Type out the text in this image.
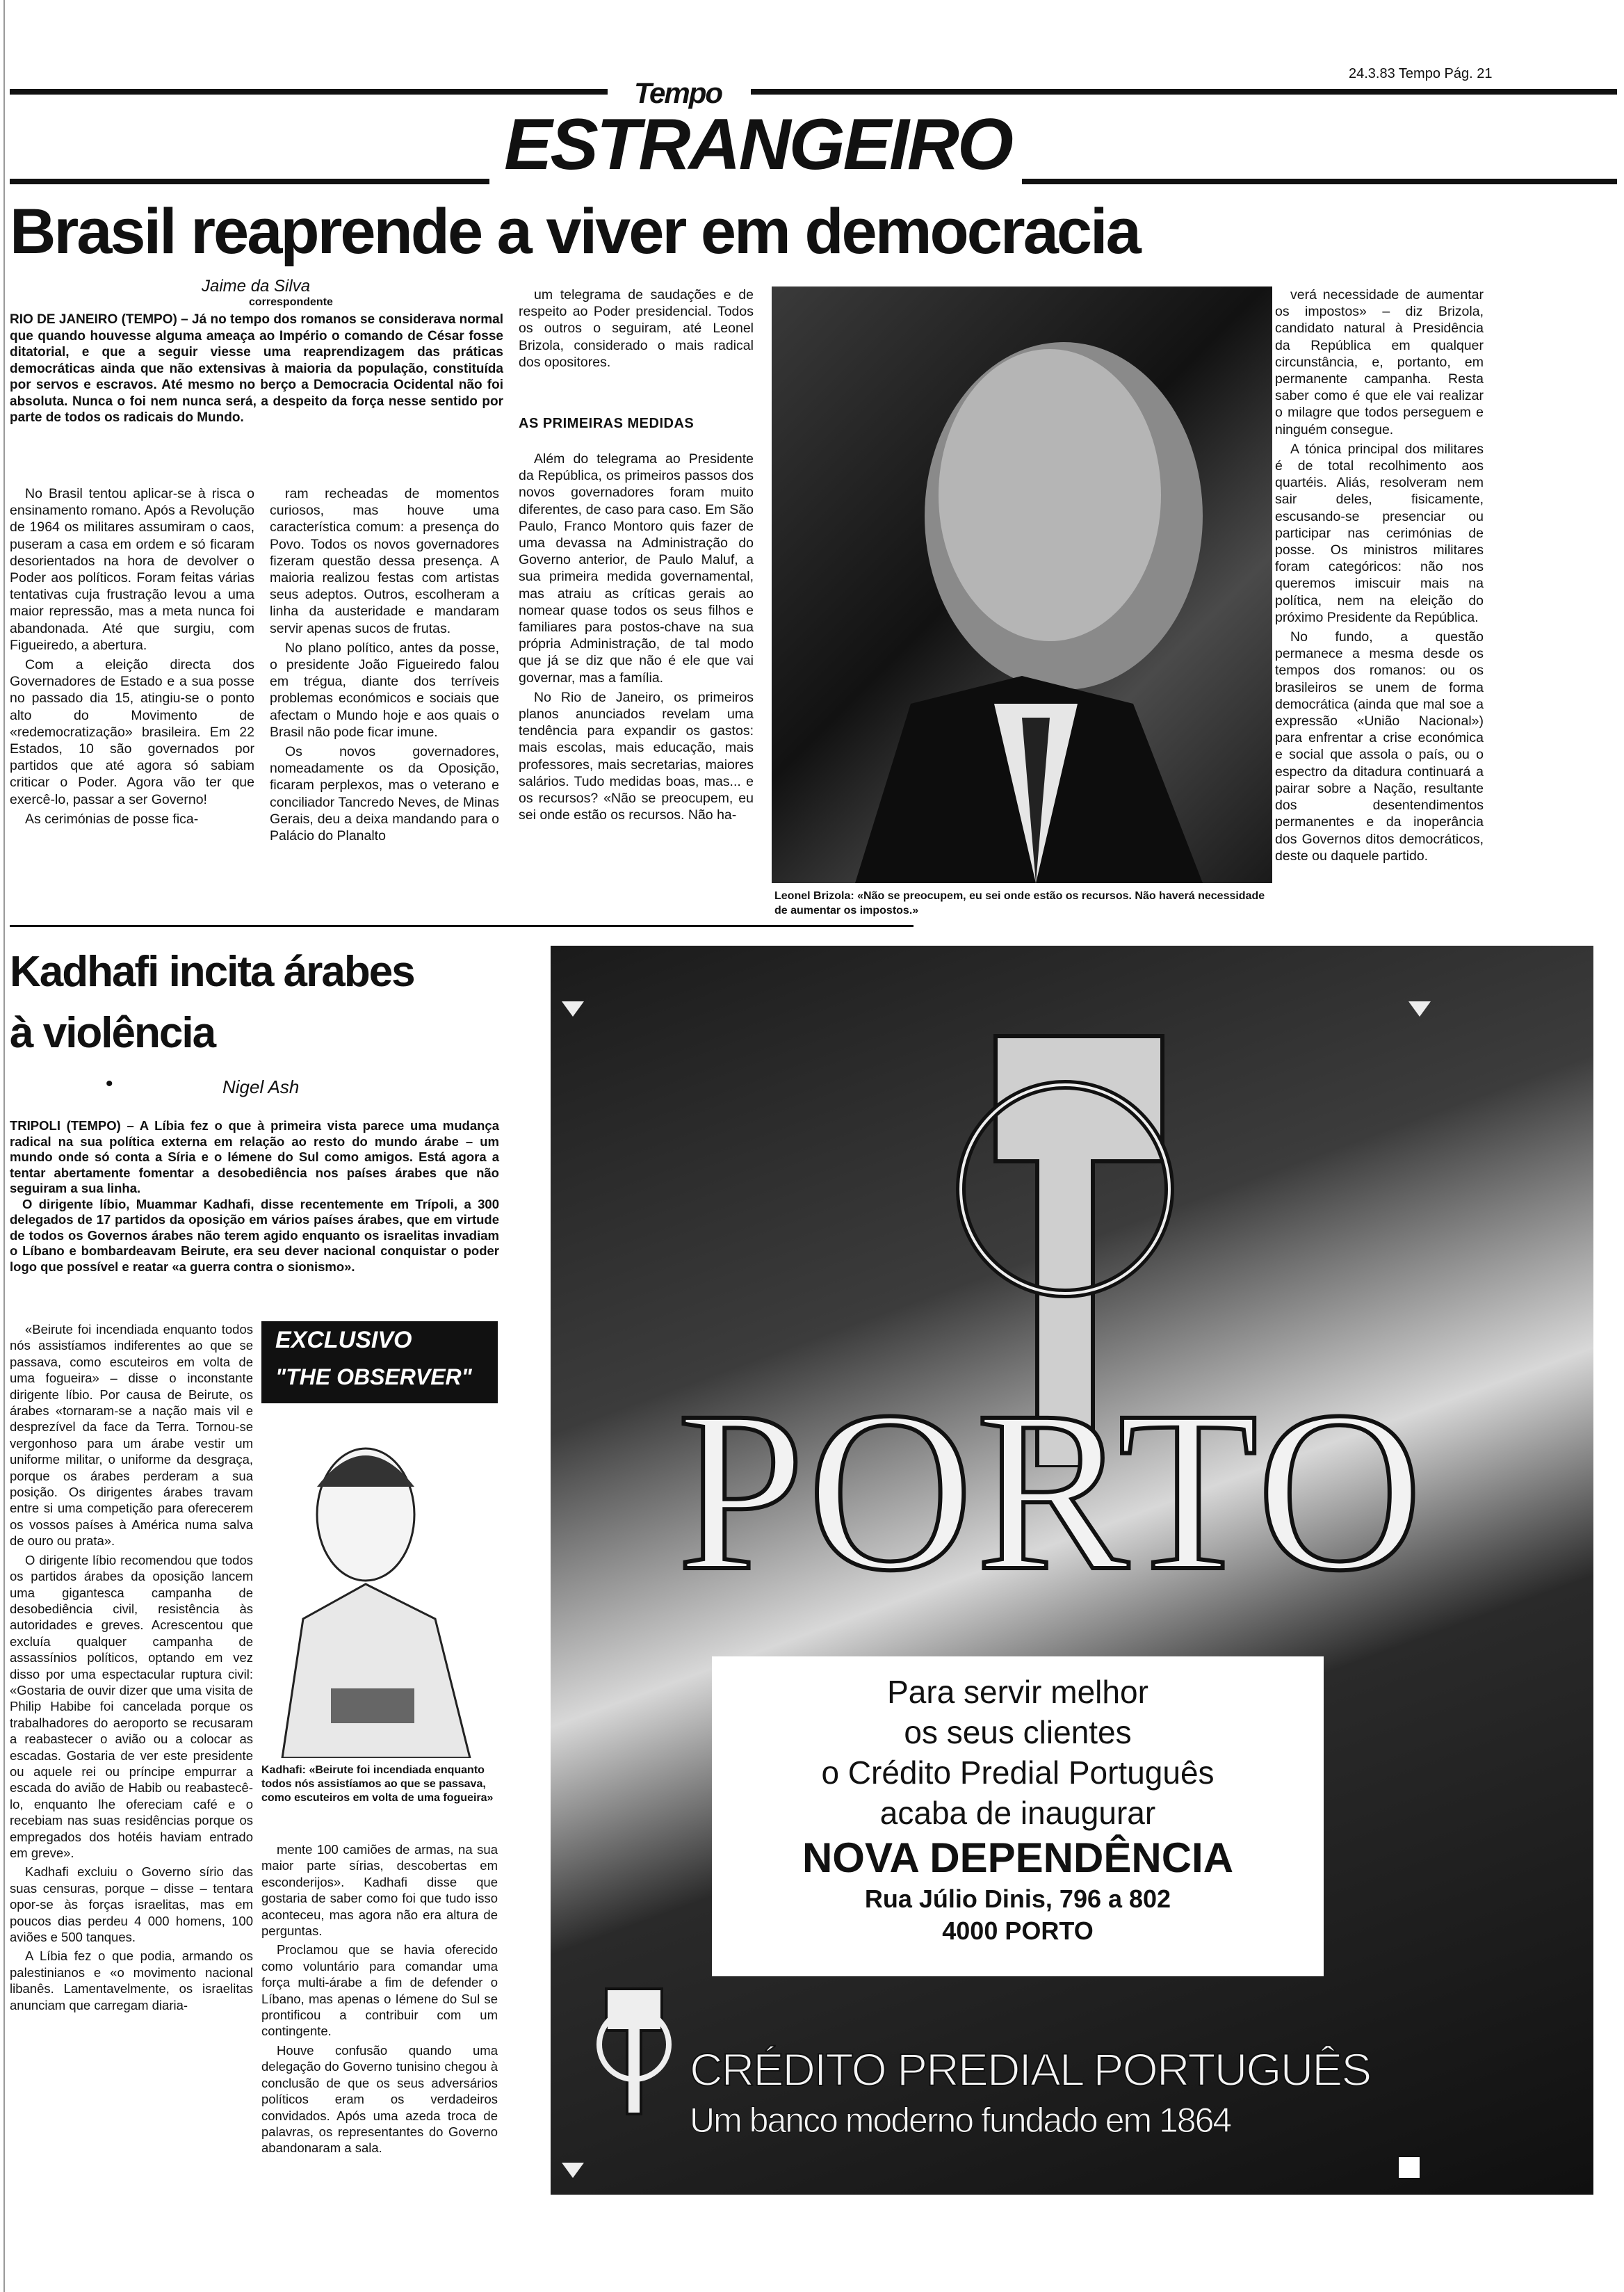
24.3.83 Tempo Pág. 21
Tempo
ESTRANGEIRO
Brasil reaprende a viver em democracia
Jaime da Silva
correspondente

RIO DE JANEIRO (TEMPO) – Já no tempo dos romanos se considerava normal que quando houvesse alguma ameaça ao Império o comando de César fosse ditatorial, e que a seguir viesse uma reaprendizagem das práticas democráticas ainda que não extensivas à maioria da população, constituída por servos e escravos. Até mesmo no berço a Democracia Ocidental não foi absoluta. Nunca o foi nem nunca será, a despeito da força nesse sentido por parte de todos os radicais do Mundo.

No Brasil tentou aplicar-se à risca o ensinamento romano. Após a Revolução de 1964 os militares assumiram o caos, puseram a casa em ordem e só ficaram desorientados na hora de devolver o Poder aos políticos. Foram feitas várias tentativas cuja frustração levou a uma maior repressão, mas a meta nunca foi abandonada. Até que surgiu, com Figueiredo, a abertura.

Com a eleição directa dos Governadores de Estado e a sua posse no passado dia 15, atingiu-se o ponto alto do Movimento de «redemocratização» brasileira. Em 22 Estados, 10 são governados por partidos que até agora só sabiam criticar o Poder. Agora vão ter que exercê-lo, passar a ser Governo!

As cerimónias de posse fica-

ram recheadas de momentos curiosos, mas houve uma característica comum: a presença do Povo. Todos os novos governadores fizeram questão dessa presença. A maioria realizou festas com artistas seus adeptos. Outros, escolheram a linha da austeridade e mandaram servir apenas sucos de frutas.

No plano político, antes da posse, o presidente João Figueiredo falou em trégua, diante dos terríveis problemas económicos e sociais que afectam o Mundo hoje e aos quais o Brasil não pode ficar imune.

Os novos governadores, nomeadamente os da Oposição, ficaram perplexos, mas o veterano e conciliador Tancredo Neves, de Minas Gerais, deu a deixa mandando para o Palácio do Planalto

um telegrama de saudações e de respeito ao Poder presidencial. Todos os outros o seguiram, até Leonel Brizola, considerado o mais radical dos opositores.

AS PRIMEIRAS MEDIDAS

Além do telegrama ao Presidente da República, os primeiros passos dos novos governadores foram muito diferentes, de caso para caso. Em São Paulo, Franco Montoro quis fazer de uma devassa na Administração do Governo anterior, de Paulo Maluf, a sua primeira medida governamental, mas atraiu as críticas gerais ao nomear quase todos os seus filhos e familiares para postos-chave na sua própria Administração, de tal modo que já se diz que não é ele que vai governar, mas a família.

No Rio de Janeiro, os primeiros planos anunciados revelam uma tendência para expandir os gastos: mais escolas, mais educação, mais professores, mais secretarias, maiores salários. Tudo medidas boas, mas... e os recursos? «Não se preocupem, eu sei onde estão os recursos. Não ha-

Leonel Brizola: «Não se preocupem, eu sei onde estão os recursos. Não haverá necessidade de aumentar os impostos.»

verá necessidade de aumentar os impostos» – diz Brizola, candidato natural à Presidência da República em qualquer circunstância, e, portanto, em permanente campanha. Resta saber como é que ele vai realizar o milagre que todos perseguem e ninguém consegue.

A tónica principal dos militares é de total recolhimento aos quartéis. Aliás, resolveram nem sair deles, fisicamente, escusando-se presenciar ou participar nas cerimónias de posse. Os ministros militares foram categóricos: não nos queremos imiscuir mais na política, nem na eleição do próximo Presidente da República.

No fundo, a questão permanece a mesma desde os tempos dos romanos: ou os brasileiros se unem de forma democrática (ainda que mal soe a expressão «União Nacional») para enfrentar a crise económica e social que assola o país, ou o espectro da ditadura continuará a pairar sobre a Nação, resultante dos desentendimentos permanentes e da inoperância dos Governos ditos democráticos, deste ou daquele partido.

Kadhafi incita árabes
à violência
•	Nigel Ash

TRIPOLI (TEMPO) – A Líbia fez o que à primeira vista parece uma mudança radical na sua política externa em relação ao resto do mundo árabe – um mundo onde só conta a Síria e o Iémene do Sul como amigos. Está agora a tentar abertamente fomentar a desobediência nos países árabes que não seguiram a sua linha.

O dirigente líbio, Muammar Kadhafi, disse recentemente em Trípoli, a 300 delegados de 17 partidos da oposição em vários países árabes, que em virtude de todos os Governos árabes não terem agido enquanto os israelitas invadiam o Líbano e bombardeavam Beirute, era seu dever nacional conquistar o poder logo que possível e reatar «a guerra contra o sionismo».

EXCLUSIVO
"THE OBSERVER"
Kadhafi: «Beirute foi incendiada enquanto todos nós assistíamos ao que se passava, como escuteiros em volta de uma fogueira»

«Beirute foi incendiada enquanto todos nós assistíamos indiferentes ao que se passava, como escuteiros em volta de uma fogueira» – disse o inconstante dirigente líbio. Por causa de Beirute, os árabes «tornaram-se a nação mais vil e desprezível da face da Terra. Tornou-se vergonhoso para um árabe vestir um uniforme militar, o uniforme da desgraça, porque os árabes perderam a sua posição. Os dirigentes árabes travam entre si uma competição para oferecerem os vossos países à América numa salva de ouro ou prata».

O dirigente líbio recomendou que todos os partidos árabes da oposição lancem uma gigantesca campanha de desobediência civil, resistência às autoridades e greves. Acrescentou que excluía qualquer campanha de assassínios políticos, optando em vez disso por uma espectacular ruptura civil: «Gostaria de ouvir dizer que uma visita de Philip Habibe foi cancelada porque os trabalhadores do aeroporto se recusaram a reabastecer o avião ou a colocar as escadas. Gostaria de ver este presidente ou aquele rei ou príncipe empurrar a escada do avião de Habib ou reabastecê-lo, enquanto lhe ofereciam café e o recebiam nas suas residências porque os empregados dos hotéis haviam entrado em greve».

Kadhafi excluiu o Governo sírio das suas censuras, porque – disse – tentara opor-se às forças israelitas, mas em poucos dias perdeu 4 000 homens, 100 aviões e 500 tanques.

A Líbia fez o que podia, armando os palestinianos e «o movimento nacional libanês. Lamentavelmente, os israelitas anunciam que carregam diaria-

mente 100 camiões de armas, na sua maior parte sírias, descobertas em esconderijos». Kadhafi disse que gostaria de saber como foi que tudo isso aconteceu, mas agora não era altura de perguntas.

Proclamou que se havia oferecido como voluntário para comandar uma força multi-árabe a fim de defender o Líbano, mas apenas o Iémene do Sul se prontificou a contribuir com um contingente.

Houve confusão quando uma delegação do Governo tunisino chegou à conclusão de que os seus adversários políticos eram os verdadeiros convidados. Após uma azeda troca de palavras, os representantes do Governo abandonaram a sala.

PORTO
Para servir melhor
os seus clientes
o Crédito Predial Português
acaba de inaugurar
NOVA DEPENDÊNCIA
Rua Júlio Dinis, 796 a 802
4000 PORTO
CRÉDITO PREDIAL PORTUGUÊS
Um banco moderno fundado em 1864
